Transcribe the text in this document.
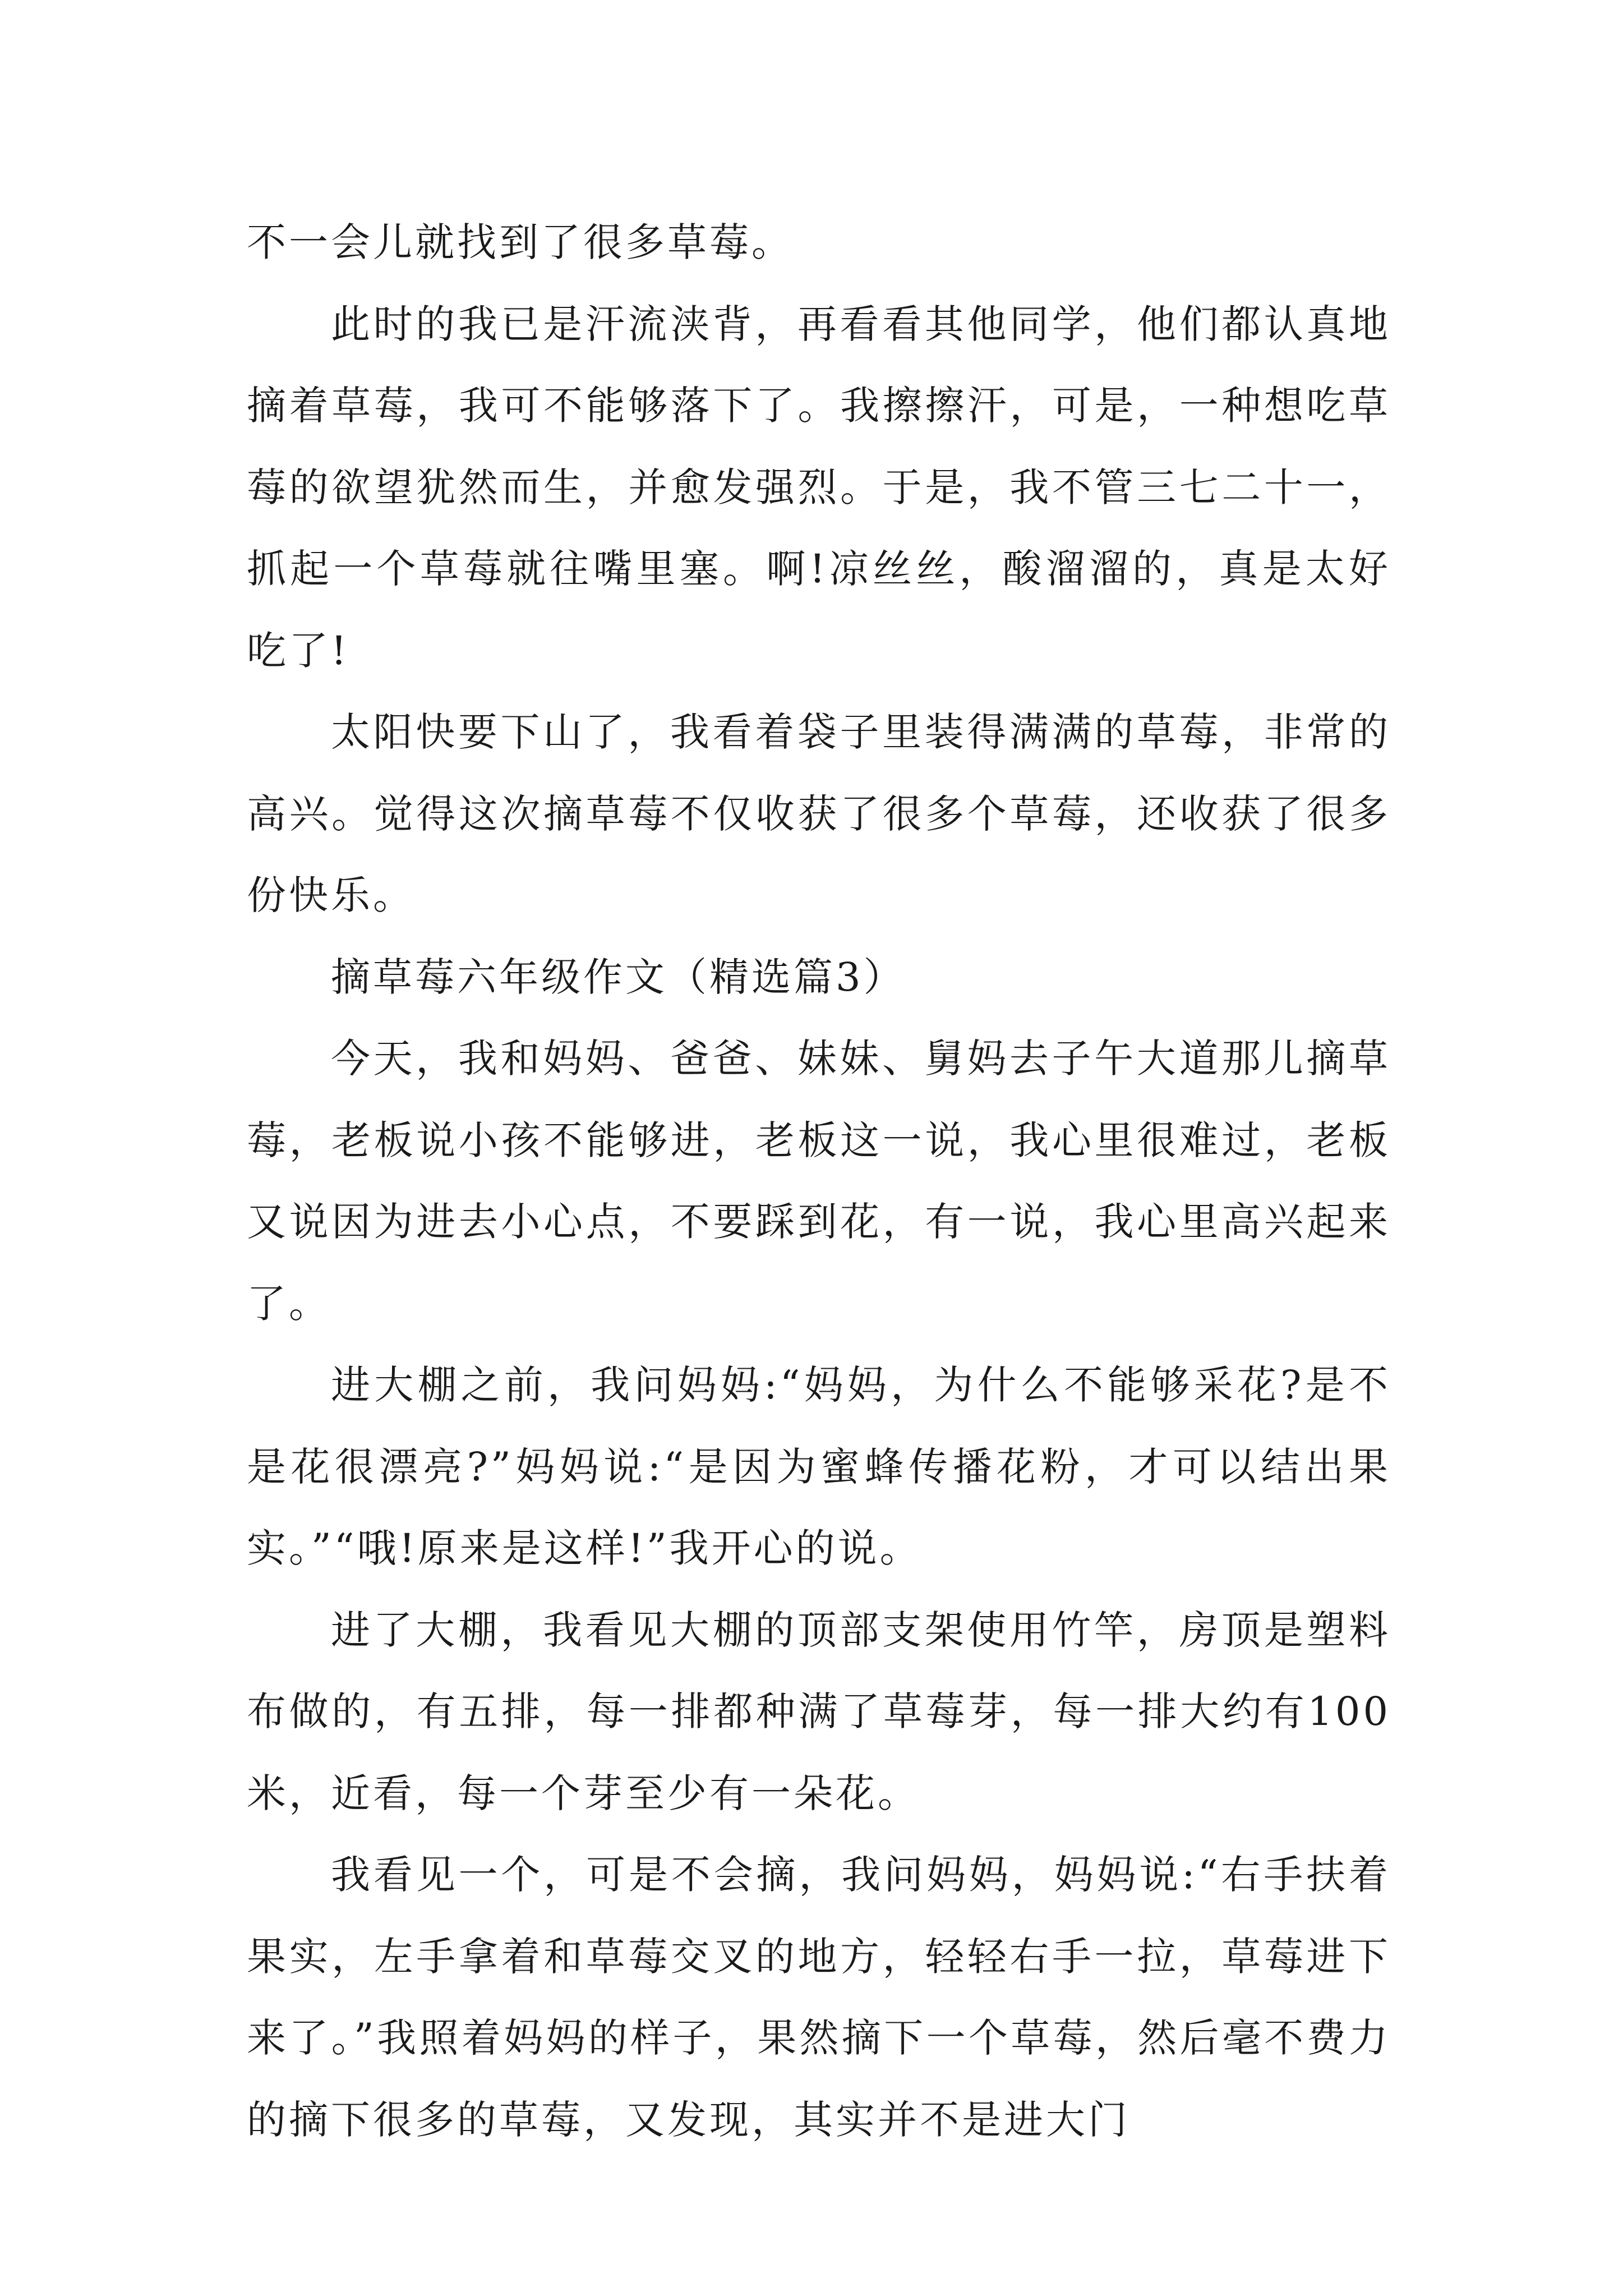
不一会儿就找到了很多草莓。

此时的我已是汗流浃背，再看看其他同学，他们都认真地摘着草莓，我可不能够落下了。我擦擦汗，可是，一种想吃草莓的欲望犹然而生，并愈发强烈。于是，我不管三七二十一，抓起一个草莓就往嘴里塞。啊!凉丝丝，酸溜溜的，真是太好吃了!

太阳快要下山了，我看着袋子里装得满满的草莓，非常的高兴。觉得这次摘草莓不仅收获了很多个草莓，还收获了很多份快乐。

摘草莓六年级作文（精选篇3）

今天，我和妈妈、爸爸、妹妹、舅妈去子午大道那儿摘草莓，老板说小孩不能够进，老板这一说，我心里很难过，老板又说因为进去小心点，不要踩到花，有一说，我心里高兴起来了。

进大棚之前，我问妈妈:“妈妈，为什么不能够采花?是不是花很漂亮?”妈妈说:“是因为蜜蜂传播花粉，才可以结出果实。”“哦!原来是这样!”我开心的说。

进了大棚，我看见大棚的顶部支架使用竹竿，房顶是塑料布做的，有五排，每一排都种满了草莓芽，每一排大约有100米，近看，每一个芽至少有一朵花。

我看见一个，可是不会摘，我问妈妈，妈妈说:“右手扶着果实，左手拿着和草莓交叉的地方，轻轻右手一拉，草莓进下来了。”我照着妈妈的样子，果然摘下一个草莓，然后毫不费力的摘下很多的草莓，又发现，其实并不是进大门
